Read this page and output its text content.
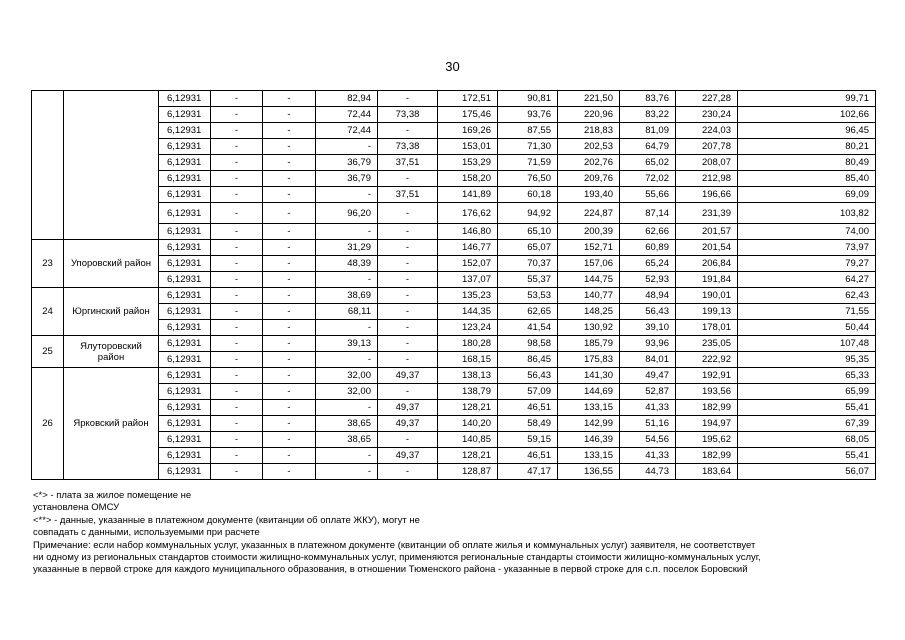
30
		6,12931	-	-	82,94	-	172,51	90,81	221,50	83,76	227,28	99,71
		6,12931	-	-	72,44	73,38	175,46	93,76	220,96	83,22	230,24	102,66
		6,12931	-	-	72,44	-	169,26	87,55	218,83	81,09	224,03	96,45
		6,12931	-	-	-	73,38	153,01	71,30	202,53	64,79	207,78	80,21
		6,12931	-	-	36,79	37,51	153,29	71,59	202,76	65,02	208,07	80,49
		6,12931	-	-	36,79	-	158,20	76,50	209,76	72,02	212,98	85,40
		6,12931	-	-	-	37,51	141,89	60,18	193,40	55,66	196,66	69,09
		6,12931	-	-	96,20	-	176,62	94,92	224,87	87,14	231,39	103,82
		6,12931	-	-	-	-	146,80	65,10	200,39	62,66	201,57	74,00
23	Упоровский район	6,12931	-	-	31,29	-	146,77	65,07	152,71	60,89	201,54	73,97
		6,12931	-	-	48,39	-	152,07	70,37	157,06	65,24	206,84	79,27
		6,12931	-	-	-	-	137,07	55,37	144,75	52,93	191,84	64,27
24	Юргинский район	6,12931	-	-	38,69	-	135,23	53,53	140,77	48,94	190,01	62,43
		6,12931	-	-	68,11	-	144,35	62,65	148,25	56,43	199,13	71,55
		6,12931	-	-	-	-	123,24	41,54	130,92	39,10	178,01	50,44
25	Ялуторовский район	6,12931	-	-	39,13	-	180,28	98,58	185,79	93,96	235,05	107,48
		6,12931	-	-	-	-	168,15	86,45	175,83	84,01	222,92	95,35
26	Ярковский район	6,12931	-	-	32,00	49,37	138,13	56,43	141,30	49,47	192,91	65,33
		6,12931	-	-	32,00	-	138,79	57,09	144,69	52,87	193,56	65,99
		6,12931	-	-	-	49,37	128,21	46,51	133,15	41,33	182,99	55,41
		6,12931	-	-	38,65	49,37	140,20	58,49	142,99	51,16	194,97	67,39
		6,12931	-	-	38,65	-	140,85	59,15	146,39	54,56	195,62	68,05
		6,12931	-	-	-	49,37	128,21	46,51	133,15	41,33	182,99	55,41
		6,12931	-	-	-	-	128,87	47,17	136,55	44,73	183,64	56,07
<*> - плата за жилое помещение не
установлена ОМСУ
<**> - данные, указанные в платежном документе (квитанции об оплате ЖКУ), могут не
совпадать с данными, используемыми при расчете
Примечание: если набор коммунальных услуг, указанных в платежном документе (квитанции об оплате жилья и коммунальных услуг) заявителя, не соответствует
ни одному из региональных стандартов стоимости жилищно-коммунальных услуг, применяются региональные стандарты стоимости жилищно-коммунальных услуг,
указанные в первой строке для каждого муниципального образования, в отношении Тюменского района - указанные в первой строке для с.п. поселок Боровский
